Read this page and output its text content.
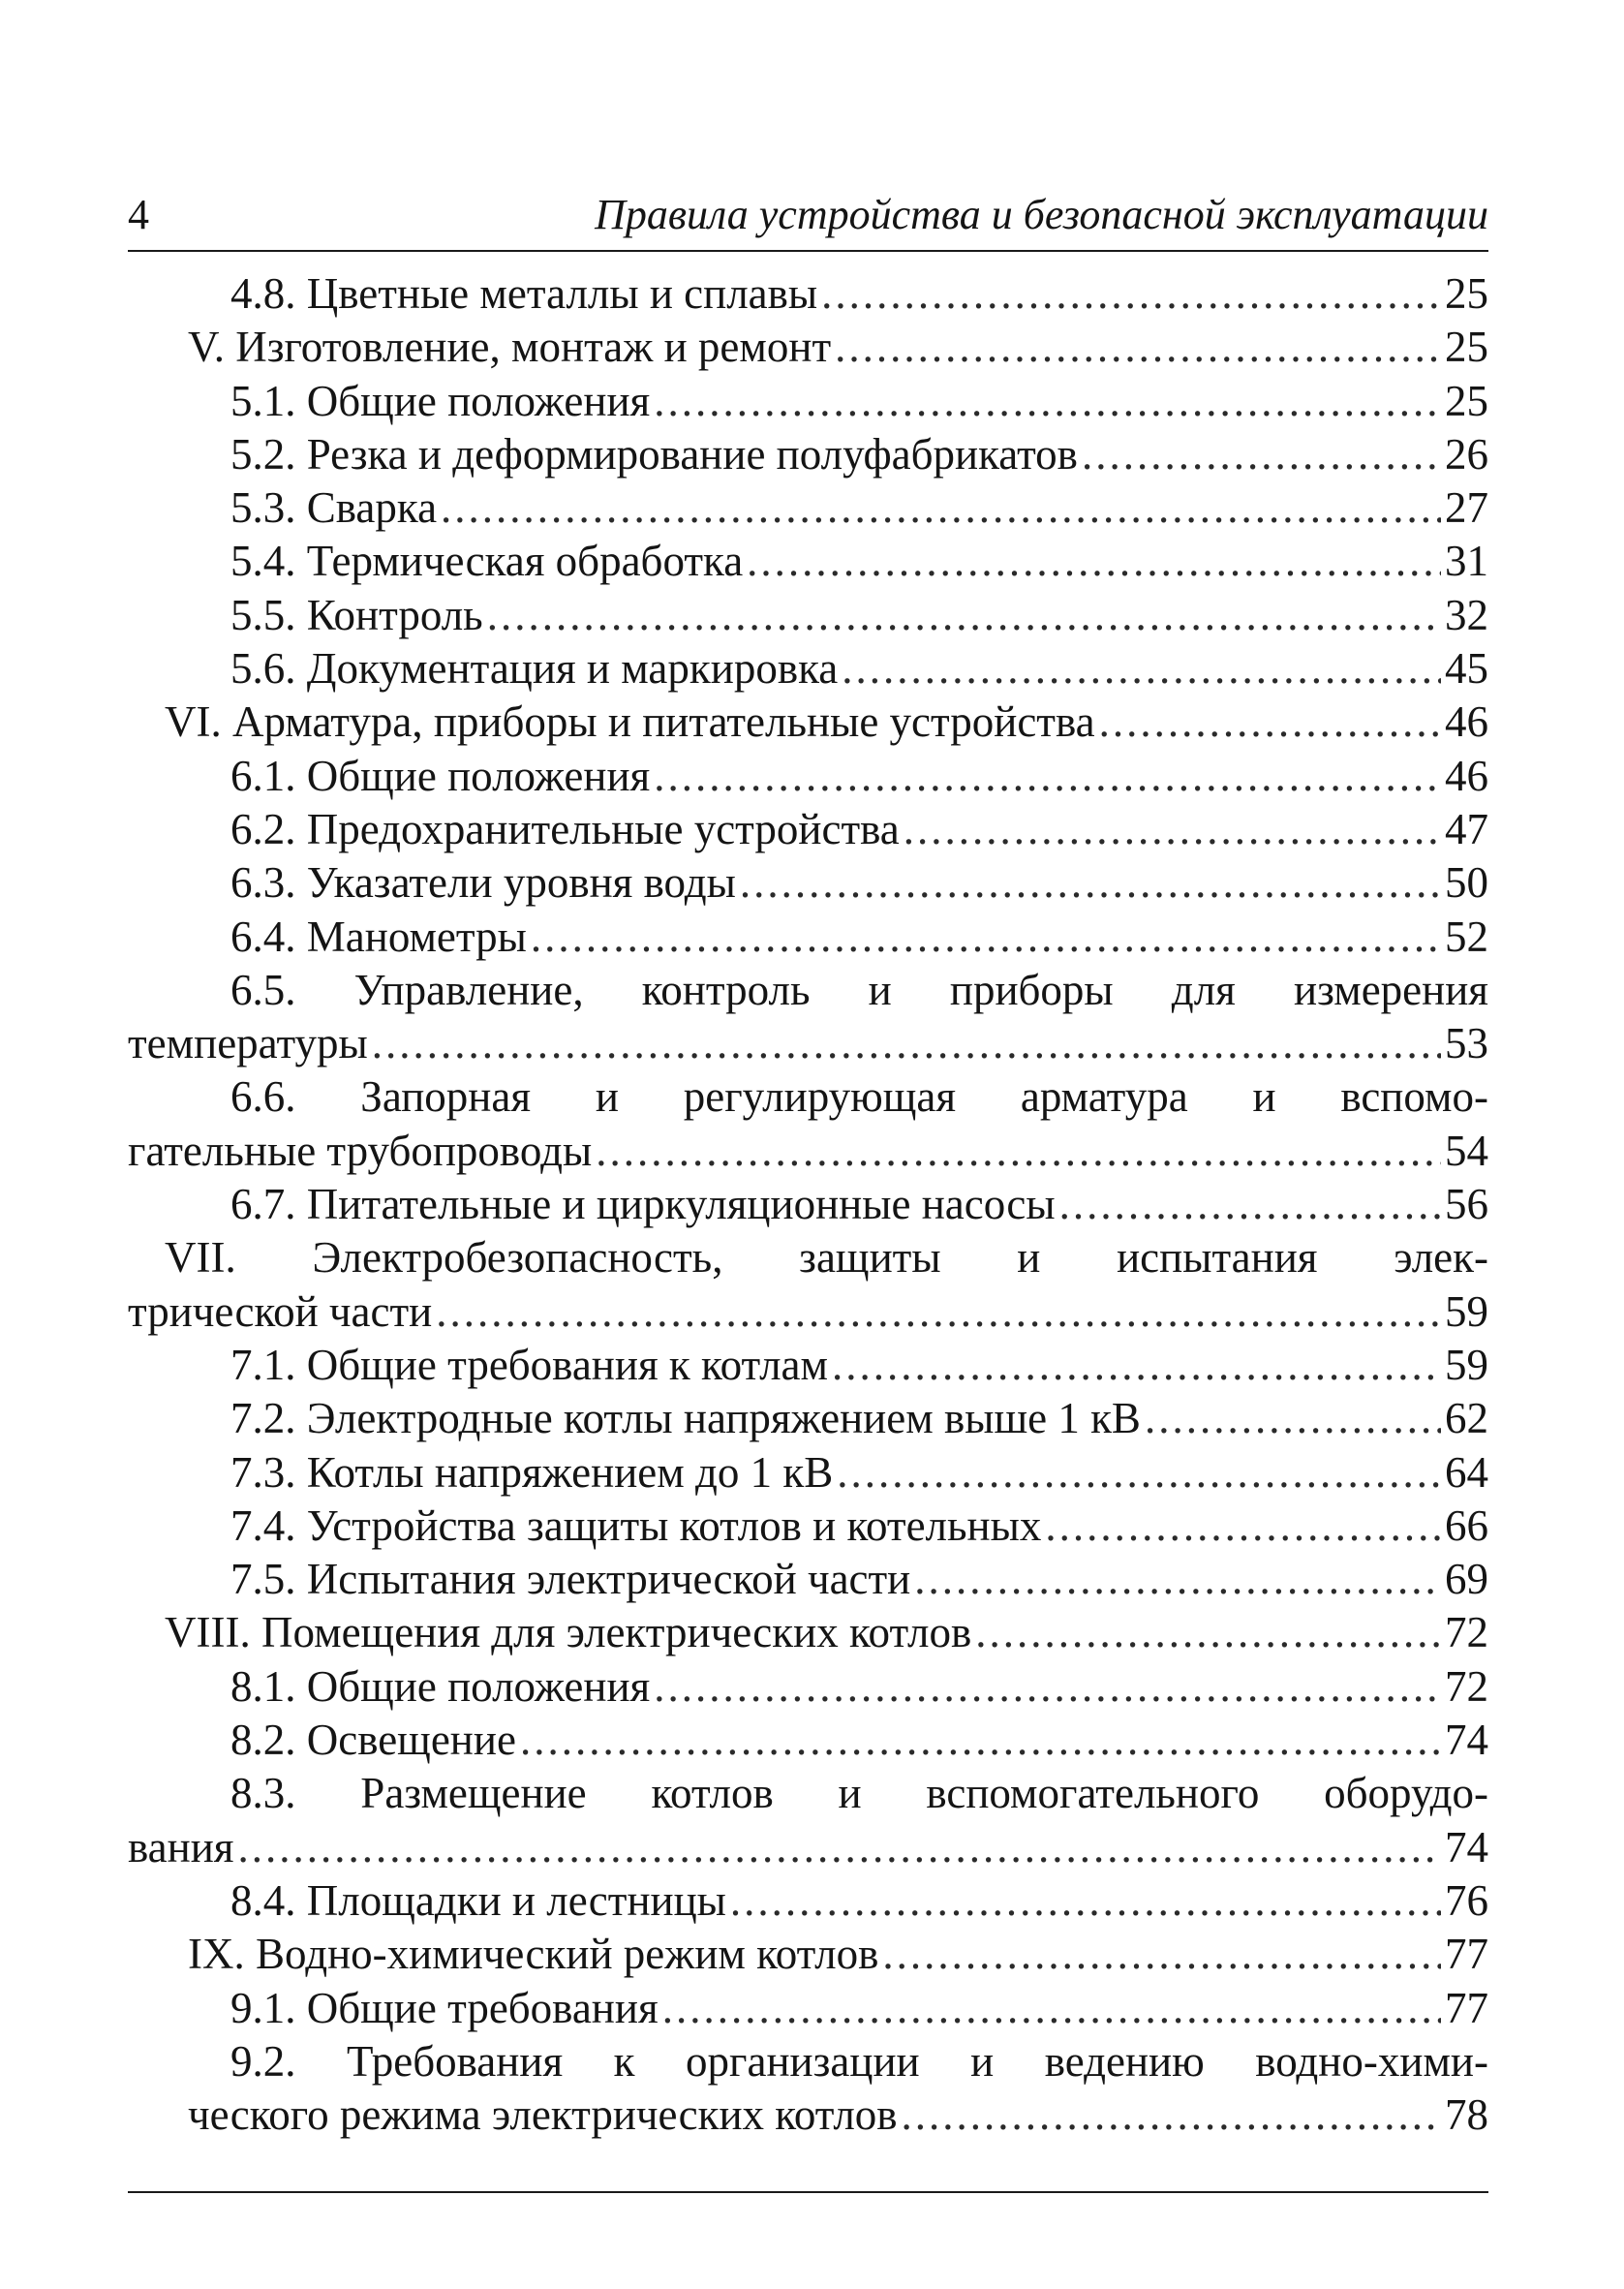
4	Правила устройства и безопасной эксплуатации
4.8. Цветные металлы и сплавы .....	25
V. Изготовление, монтаж и ремонт .....	25
5.1. Общие положения .....	25
5.2. Резка и деформирование полуфабрикатов .....	26
5.3. Сварка .....	27
5.4. Термическая обработка .....	31
5.5. Контроль .....	32
5.6. Документация и маркировка .....	45
VI. Арматура, приборы и питательные устройства .....	46
6.1. Общие положения .....	46
6.2. Предохранительные устройства .....	47
6.3. Указатели уровня воды .....	50
6.4. Манометры .....	52
6.5. Управление, контроль и приборы для измерения
температуры .....	53
6.6. Запорная и регулирующая арматура и вспомо-
гательные трубопроводы .....	54
6.7. Питательные и циркуляционные насосы .....	56
VII. Электробезопасность, защиты и испытания элек-
трической части .....	59
7.1. Общие требования к котлам .....	59
7.2. Электродные котлы напряжением выше 1 кВ .....	62
7.3. Котлы напряжением до 1 кВ .....	64
7.4. Устройства защиты котлов и котельных .....	66
7.5. Испытания электрической части .....	69
VIII. Помещения для электрических котлов .....	72
8.1. Общие положения .....	72
8.2. Освещение .....	74
8.3. Размещение котлов и вспомогательного оборудо-
вания .....	74
8.4. Площадки и лестницы .....	76
IX. Водно-химический режим котлов .....	77
9.1. Общие требования .....	77
9.2. Требования к организации и ведению водно-хими-
ческого режима электрических котлов .....	78
